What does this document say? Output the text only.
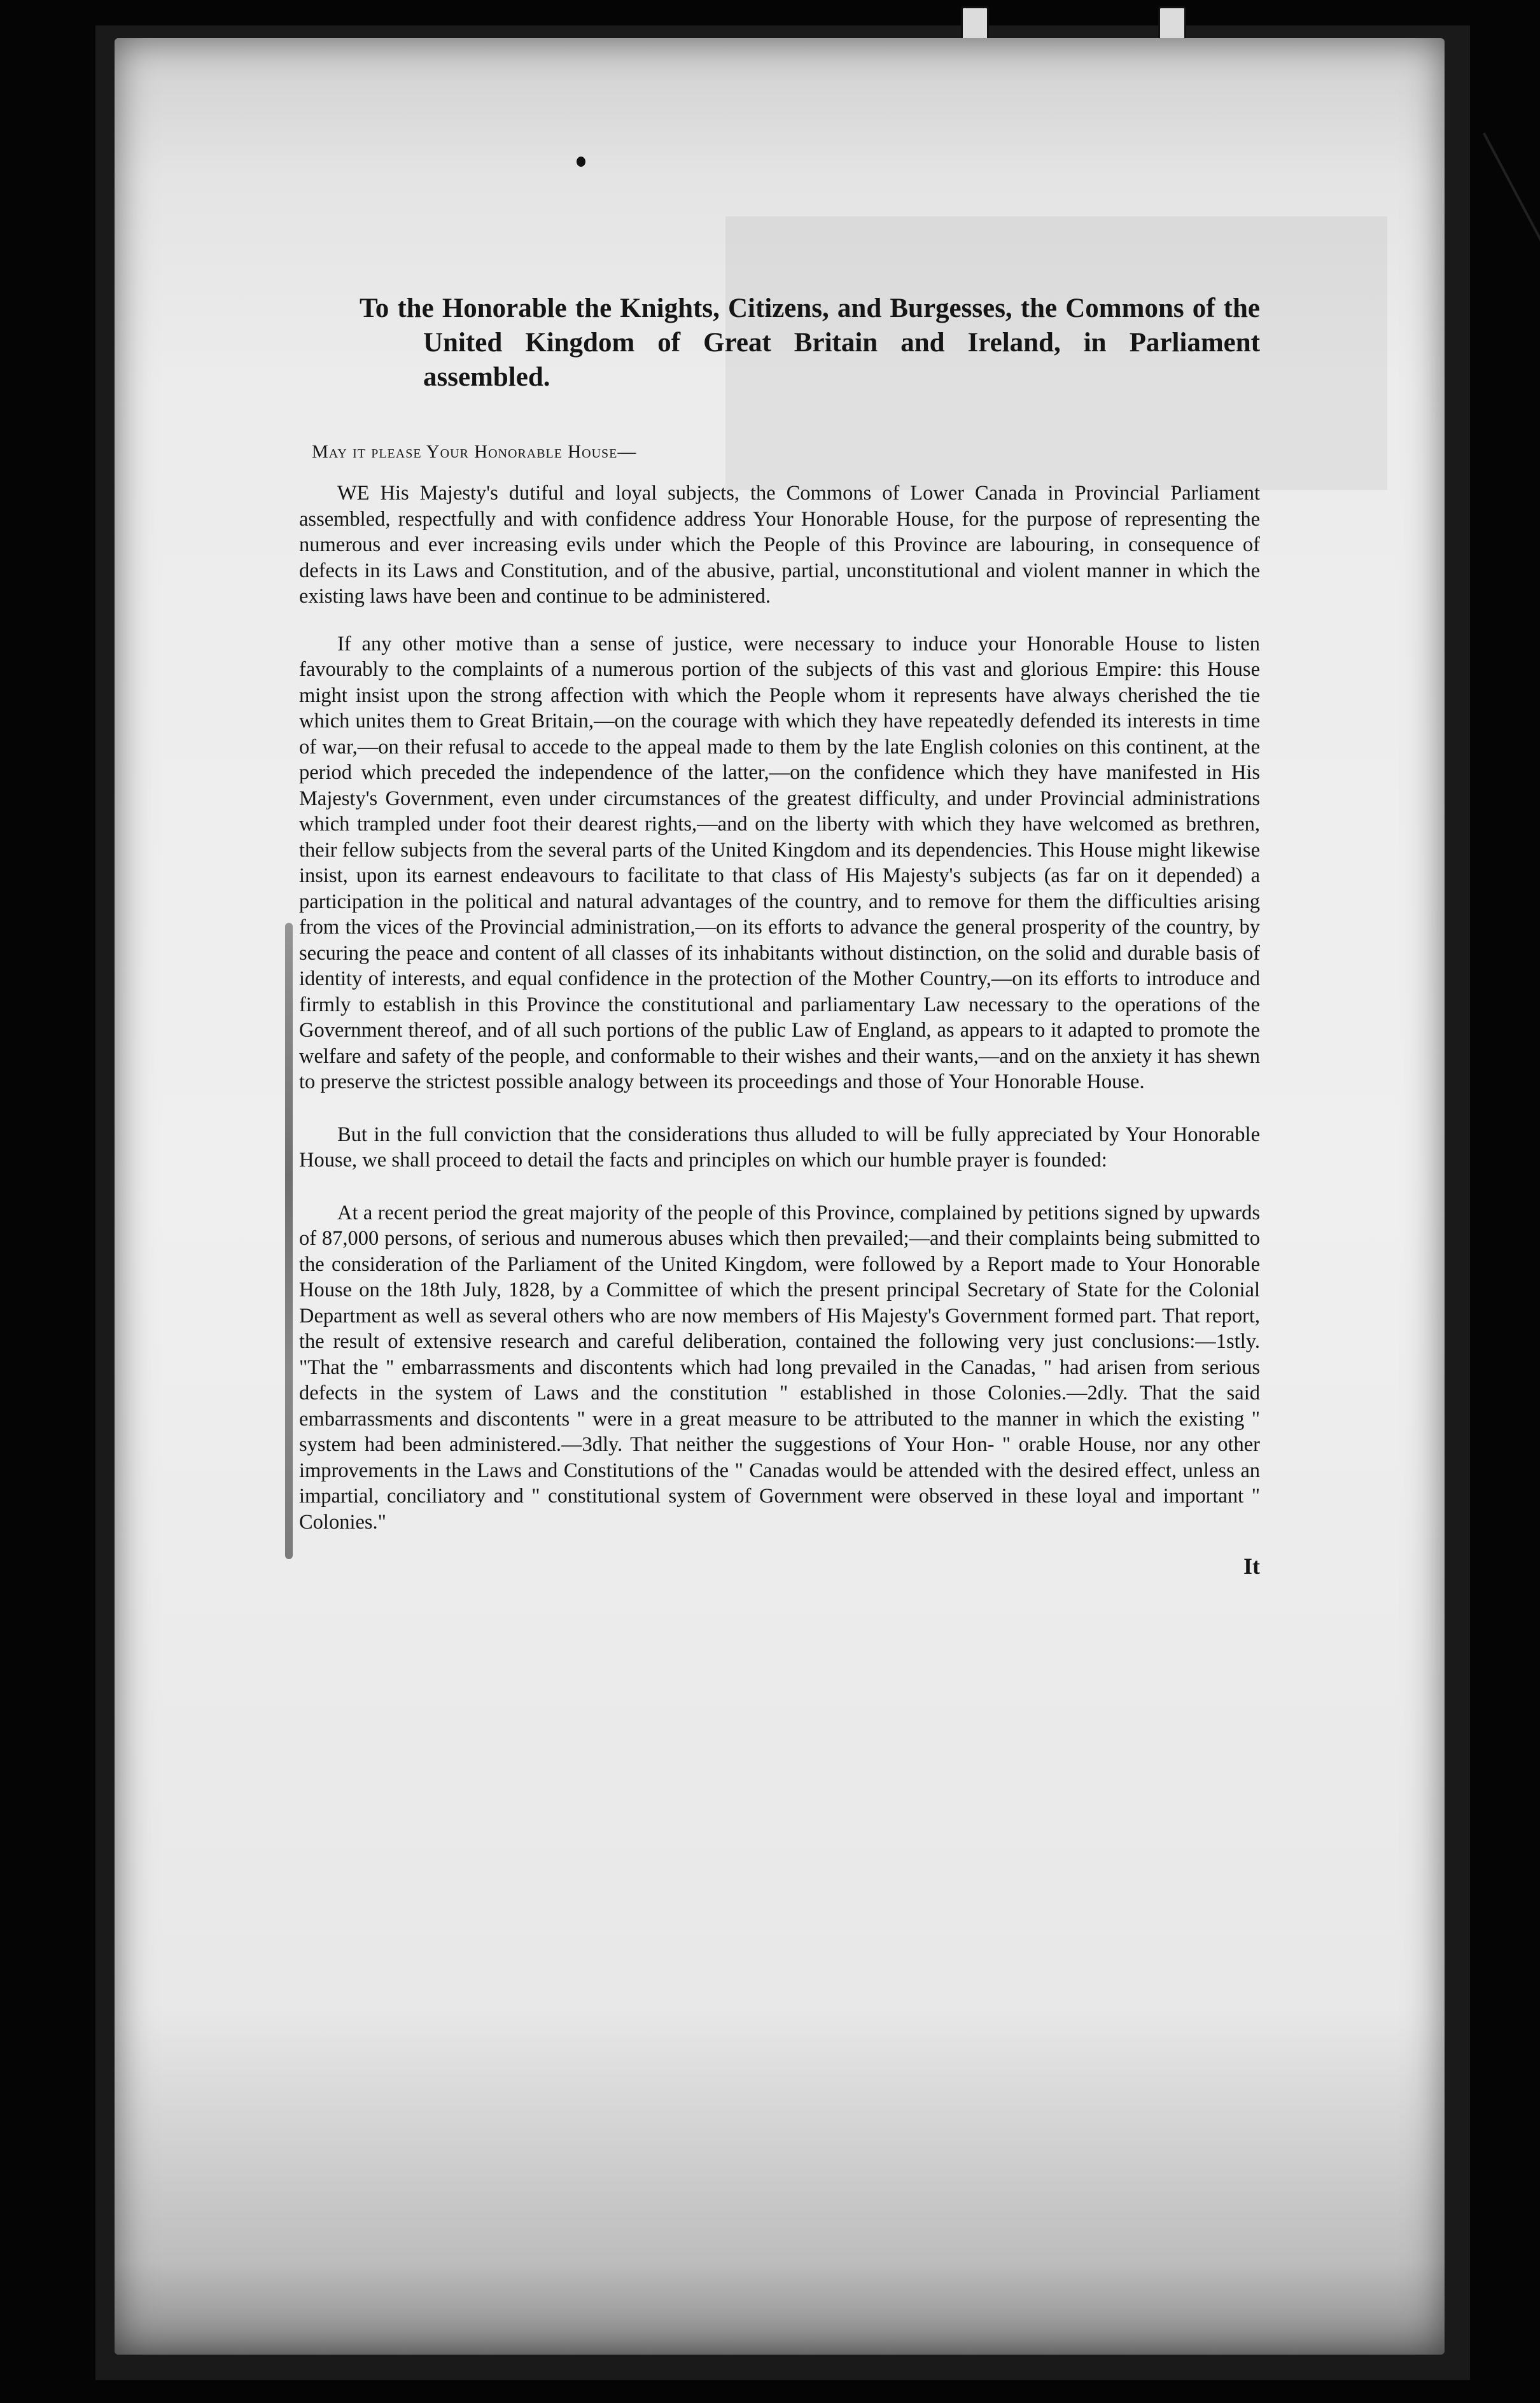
To the Honorable the Knights, Citizens, and Burgesses, the Commons of the United Kingdom of Great Britain and Ireland, in Parliament assembled.

May it please Your Honorable House—

WE His Majesty's dutiful and loyal subjects, the Commons of Lower Canada in Provincial Parliament assembled, respectfully and with confidence address Your Honorable House, for the purpose of representing the numerous and ever increasing evils under which the People of this Province are labouring, in consequence of defects in its Laws and Constitution, and of the abusive, partial, unconstitutional and violent manner in which the existing laws have been and continue to be administered.

If any other motive than a sense of justice, were necessary to induce your Honorable House to listen favourably to the complaints of a numerous portion of the subjects of this vast and glorious Empire: this House might insist upon the strong affection with which the People whom it represents have always cherished the tie which unites them to Great Britain,—on the courage with which they have repeatedly defended its interests in time of war,—on their refusal to accede to the appeal made to them by the late English colonies on this continent, at the period which preceded the independence of the latter,—on the confidence which they have manifested in His Majesty's Government, even under circumstances of the greatest difficulty, and under Provincial administrations which trampled under foot their dearest rights,—and on the liberty with which they have welcomed as brethren, their fellow subjects from the several parts of the United Kingdom and its dependencies. This House might likewise insist, upon its earnest endeavours to facilitate to that class of His Majesty's subjects (as far on it depended) a participation in the political and natural advantages of the country, and to remove for them the difficulties arising from the vices of the Provincial administration,—on its efforts to advance the general prosperity of the country, by securing the peace and content of all classes of its inhabitants without distinction, on the solid and durable basis of identity of interests, and equal confidence in the protection of the Mother Country,—on its efforts to introduce and firmly to establish in this Province the constitutional and parliamentary Law necessary to the operations of the Government thereof, and of all such portions of the public Law of England, as appears to it adapted to promote the welfare and safety of the people, and conformable to their wishes and their wants,—and on the anxiety it has shewn to preserve the strictest possible analogy between its proceedings and those of Your Honorable House.

But in the full conviction that the considerations thus alluded to will be fully appreciated by Your Honorable House, we shall proceed to detail the facts and principles on which our humble prayer is founded:

At a recent period the great majority of the people of this Province, complained by petitions signed by upwards of 87,000 persons, of serious and numerous abuses which then prevailed;—and their complaints being submitted to the consideration of the Parliament of the United Kingdom, were followed by a Report made to Your Honorable House on the 18th July, 1828, by a Committee of which the present principal Secretary of State for the Colonial Department as well as several others who are now members of His Majesty's Government formed part. That report, the result of extensive research and careful deliberation, contained the following very just conclusions:—1stly. "That the " embarrassments and discontents which had long prevailed in the Canadas, " had arisen from serious defects in the system of Laws and the constitution " established in those Colonies.—2dly. That the said embarrassments and discontents " were in a great measure to be attributed to the manner in which the existing " system had been administered.—3dly. That neither the suggestions of Your Hon- " orable House, nor any other improvements in the Laws and Constitutions of the " Canadas would be attended with the desired effect, unless an impartial, conciliatory and " constitutional system of Government were observed in these loyal and important " Colonies."

It
